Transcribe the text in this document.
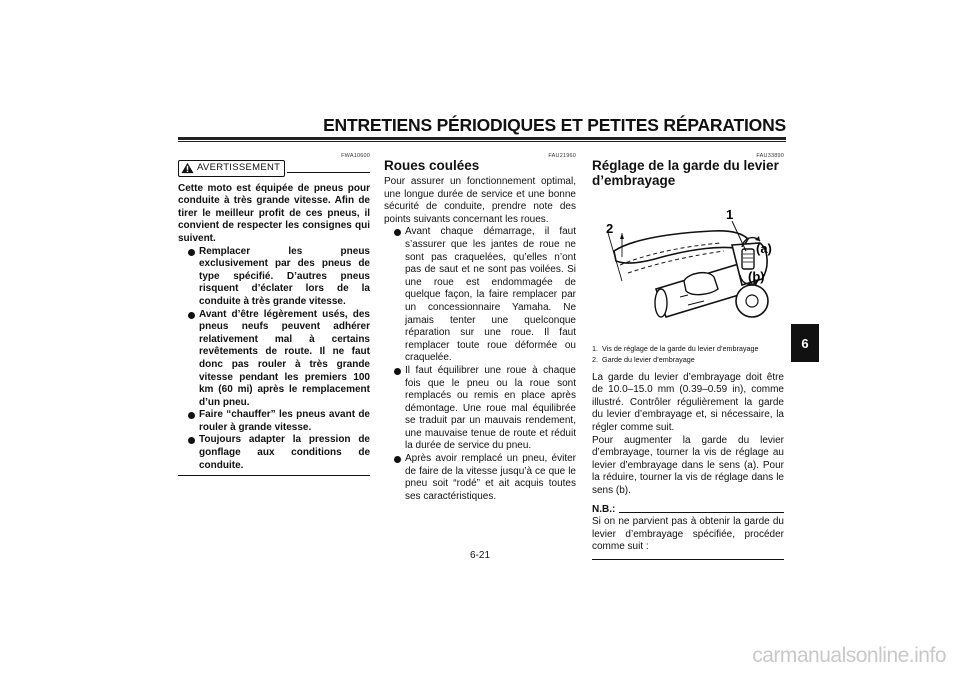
ENTRETIENS PÉRIODIQUES ET PETITES RÉPARATIONS
FWA10600
AVERTISSEMENT
Cette moto est équipée de pneus pour conduite à très grande vitesse. Afin de tirer le meilleur profit de ces pneus, il convient de respecter les consignes qui suivent.
Remplacer les pneus exclusivement par des pneus de type spécifié. D’autres pneus risquent d’éclater lors de la conduite à très grande vitesse.
Avant d’être légèrement usés, des pneus neufs peuvent adhérer relativement mal à certains revêtements de route. Il ne faut donc pas rouler à très grande vitesse pendant les premiers 100 km (60 mi) après le remplacement d’un pneu.
Faire “chauffer” les pneus avant de rouler à grande vitesse.
Toujours adapter la pression de gonflage aux conditions de conduite.
FAU21960
Roues coulées
Pour assurer un fonctionnement optimal, une longue durée de service et une bonne sécurité de conduite, prendre note des points suivants concernant les roues.
Avant chaque démarrage, il faut s’assurer que les jantes de roue ne sont pas craquelées, qu’elles n’ont pas de saut et ne sont pas voilées. Si une roue est endommagée de quelque façon, la faire remplacer par un concessionnaire Yamaha. Ne jamais tenter une quelconque réparation sur une roue. Il faut remplacer toute roue déformée ou craquelée.
Il faut équilibrer une roue à chaque fois que le pneu ou la roue sont remplacés ou remis en place après démontage. Une roue mal équilibrée se traduit par un mauvais rendement, une mauvaise tenue de route et réduit la durée de service du pneu.
Après avoir remplacé un pneu, éviter de faire de la vitesse jusqu’à ce que le pneu soit “rodé” et ait acquis toutes ses caractéristiques.
FAU33890
Réglage de la garde du levier d’embrayage
2
1
(a)
(b)
1. Vis de réglage de la garde du levier d’embrayage
2. Garde du levier d’embrayage
La garde du levier d’embrayage doit être de 10.0–15.0 mm (0.39–0.59 in), comme illustré. Contrôler régulièrement la garde du levier d’embrayage et, si nécessaire, la régler comme suit.
Pour augmenter la garde du levier d’embrayage, tourner la vis de réglage au levier d’embrayage dans le sens (a). Pour la réduire, tourner la vis de réglage dans le sens (b).
N.B.:
Si on ne parvient pas à obtenir la garde du levier d’embrayage spécifiée, procéder comme suit :
6
6-21
carmanualsonline.info
